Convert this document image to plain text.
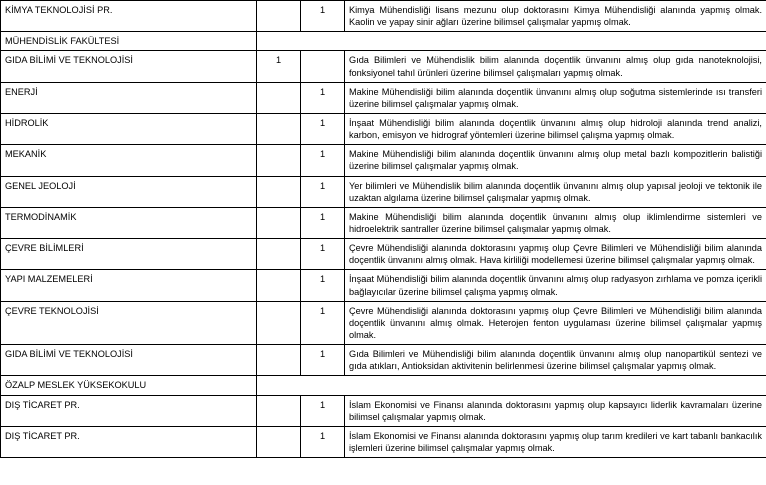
KİMYA TEKNOLOJİSİ PR.		1	Kimya Mühendisliği lisans mezunu olup doktorasını Kimya Mühendisliği alanında yapmış olmak. Kaolin ve yapay sinir ağları üzerine bilimsel çalışmalar yapmış olmak.
MÜHENDİSLİK FAKÜLTESİ			

GIDA BİLİMİ VE TEKNOLOJİSİ	1		Gıda Bilimleri ve Mühendislik bilim alanında doçentlik ünvanını almış olup gıda nanoteknolojisi, fonksiyonel tahıl ürünleri üzerine bilimsel çalışmaları yapmış olmak.
ENERJİ		1	Makine Mühendisliği bilim alanında doçentlik ünvanını almış olup soğutma sistemlerinde ısı transferi üzerine bilimsel çalışmalar yapmış olmak.
HİDROLİK		1	İnşaat Mühendisliği bilim alanında doçentlik ünvanını almış olup hidroloji alanında trend analizi, karbon, emisyon ve hidrograf yöntemleri üzerine bilimsel çalışma yapmış olmak.
MEKANİK		1	Makine Mühendisliği bilim alanında doçentlik ünvanını almış olup metal bazlı kompozitlerin balistiği üzerine bilimsel çalışmalar yapmış olmak.
GENEL JEOLOJİ		1	Yer bilimleri ve Mühendislik bilim alanında doçentlik ünvanını almış olup yapısal jeoloji ve tektonik ile uzaktan algılama üzerine bilimsel çalışmalar yapmış olmak.
TERMODİNAMİK		1	Makine Mühendisliği bilim alanında doçentlik ünvanını almış olup iklimlendirme sistemleri ve hidroelektrik santraller üzerine bilimsel çalışmalar yapmış olmak.
ÇEVRE BİLİMLERİ		1	Çevre Mühendisliği alanında doktorasını yapmış olup Çevre Bilimleri ve Mühendisliği bilim alanında doçentlik ünvanını almış olmak. Hava kirliliği modellemesi üzerine bilimsel çalışmalar yapmış olmak.
YAPI MALZEMELERİ		1	İnşaat Mühendisliği bilim alanında doçentlik ünvanını almış olup radyasyon zırhlama ve pomza içerikli bağlayıcılar üzerine bilimsel çalışma yapmış olmak.
ÇEVRE TEKNOLOJİSİ		1	Çevre Mühendisliği alanında doktorasını yapmış olup Çevre Bilimleri ve Mühendisliği bilim alanında doçentlik ünvanını almış olmak. Heterojen fenton uygulaması üzerine bilimsel çalışmalar yapmış olmak.
GIDA BİLİMİ VE TEKNOLOJİSİ		1	Gıda Bilimleri ve Mühendisliği bilim alanında doçentlik ünvanını almış olup nanopartikül sentezi ve gıda atıkları, Antioksidan aktivitenin belirlenmesi üzerine bilimsel çalışmalar yapmış olmak.
ÖZALP MESLEK YÜKSEKOKULU			

DIŞ TİCARET PR.		1	İslam Ekonomisi ve Finansı alanında doktorasını yapmış olup kapsayıcı liderlik kavramaları üzerine bilimsel çalışmalar yapmış olmak.
DIŞ TİCARET PR.		1	İslam Ekonomisi ve Finansı alanında doktorasını yapmış olup tarım kredileri ve kart tabanlı bankacılık işlemleri üzerine bilimsel çalışmalar yapmış olmak.
